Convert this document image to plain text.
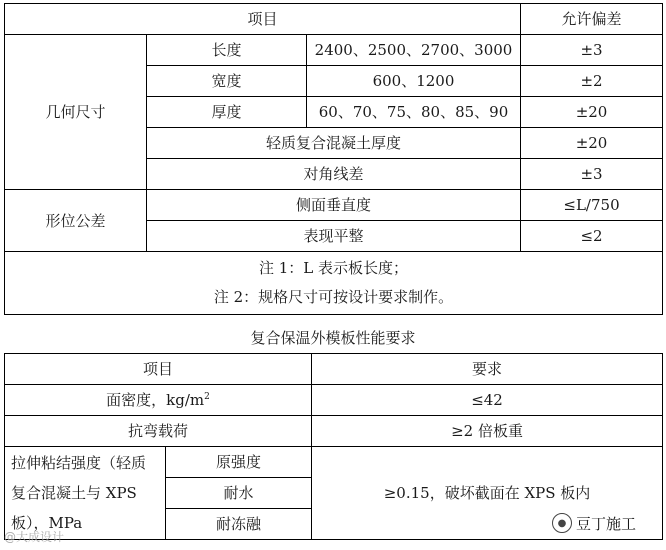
项目			允许偏差
几何尺寸	长度	2400、2500、2700、3000	±3
	宽度	600、1200	±2
	厚度	60、70、75、80、85、90	±20
	轻质复合混凝土厚度		±20
	对角线差		±3
形位公差	侧面垂直度		≤L/750
	表现平整		≤2

注 1：L 表示板长度；
注 2：规格尺寸可按设计要求制作。			
复合保温外模板性能要求
项目		要求
面密度，$kg/m^2$		≤42
抗弯载荷		≥2 倍板重

拉伸粘结强度（轻质
复合混凝土与 XPS
板），MPa	原强度	≥0.15，破坏截面在 XPS 板内
	耐水	
	耐冻融	
@大成设计
● 豆丁施工
